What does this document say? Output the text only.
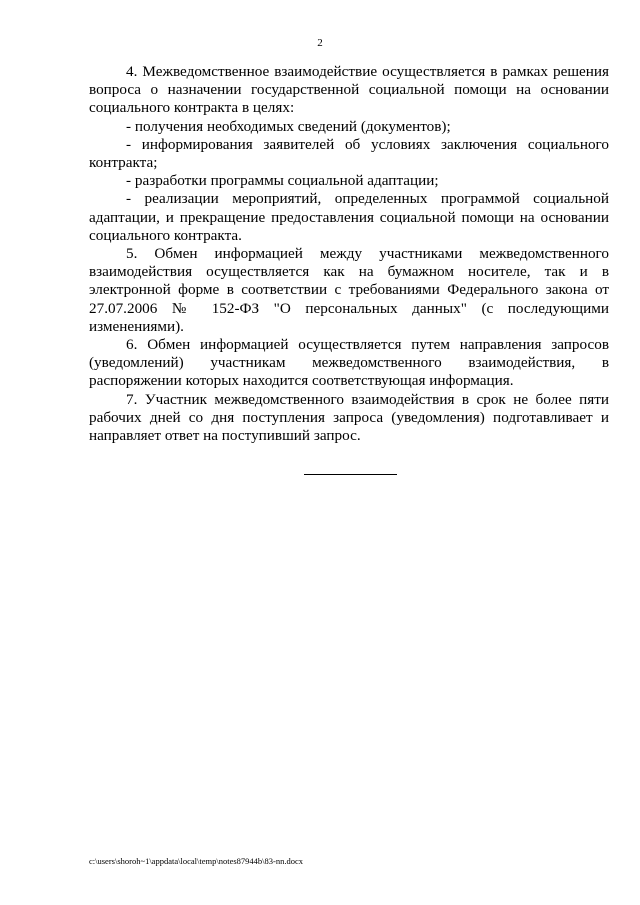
2

4. Межведомственное взаимодействие осуществляется в рамках решения вопроса о назначении государственной социальной помощи на основании социального контракта в целях:

- получения необходимых сведений (документов);

- информирования заявителей об условиях заключения социального контракта;

- разработки программы социальной адаптации;

- реализации мероприятий, определенных программой социальной адаптации, и прекращение предоставления социальной помощи на основании социального контракта.

5. Обмен информацией между участниками межведомственного взаимодействия осуществляется как на бумажном носителе, так и в электронной форме в соответствии с требованиями Федерального закона от 27.07.2006 № 152-ФЗ "О персональных данных" (с последующими изменениями).

6. Обмен информацией осуществляется путем направления запросов (уведомлений) участникам межведомственного взаимодействия, в распоряжении которых находится соответствующая информация.

7. Участник межведомственного взаимодействия в срок не более пяти рабочих дней со дня поступления запроса (уведомления) подготавливает и направляет ответ на поступивший запрос.

c:\users\shoroh~1\appdata\local\temp\notes87944b\83-nn.docx
